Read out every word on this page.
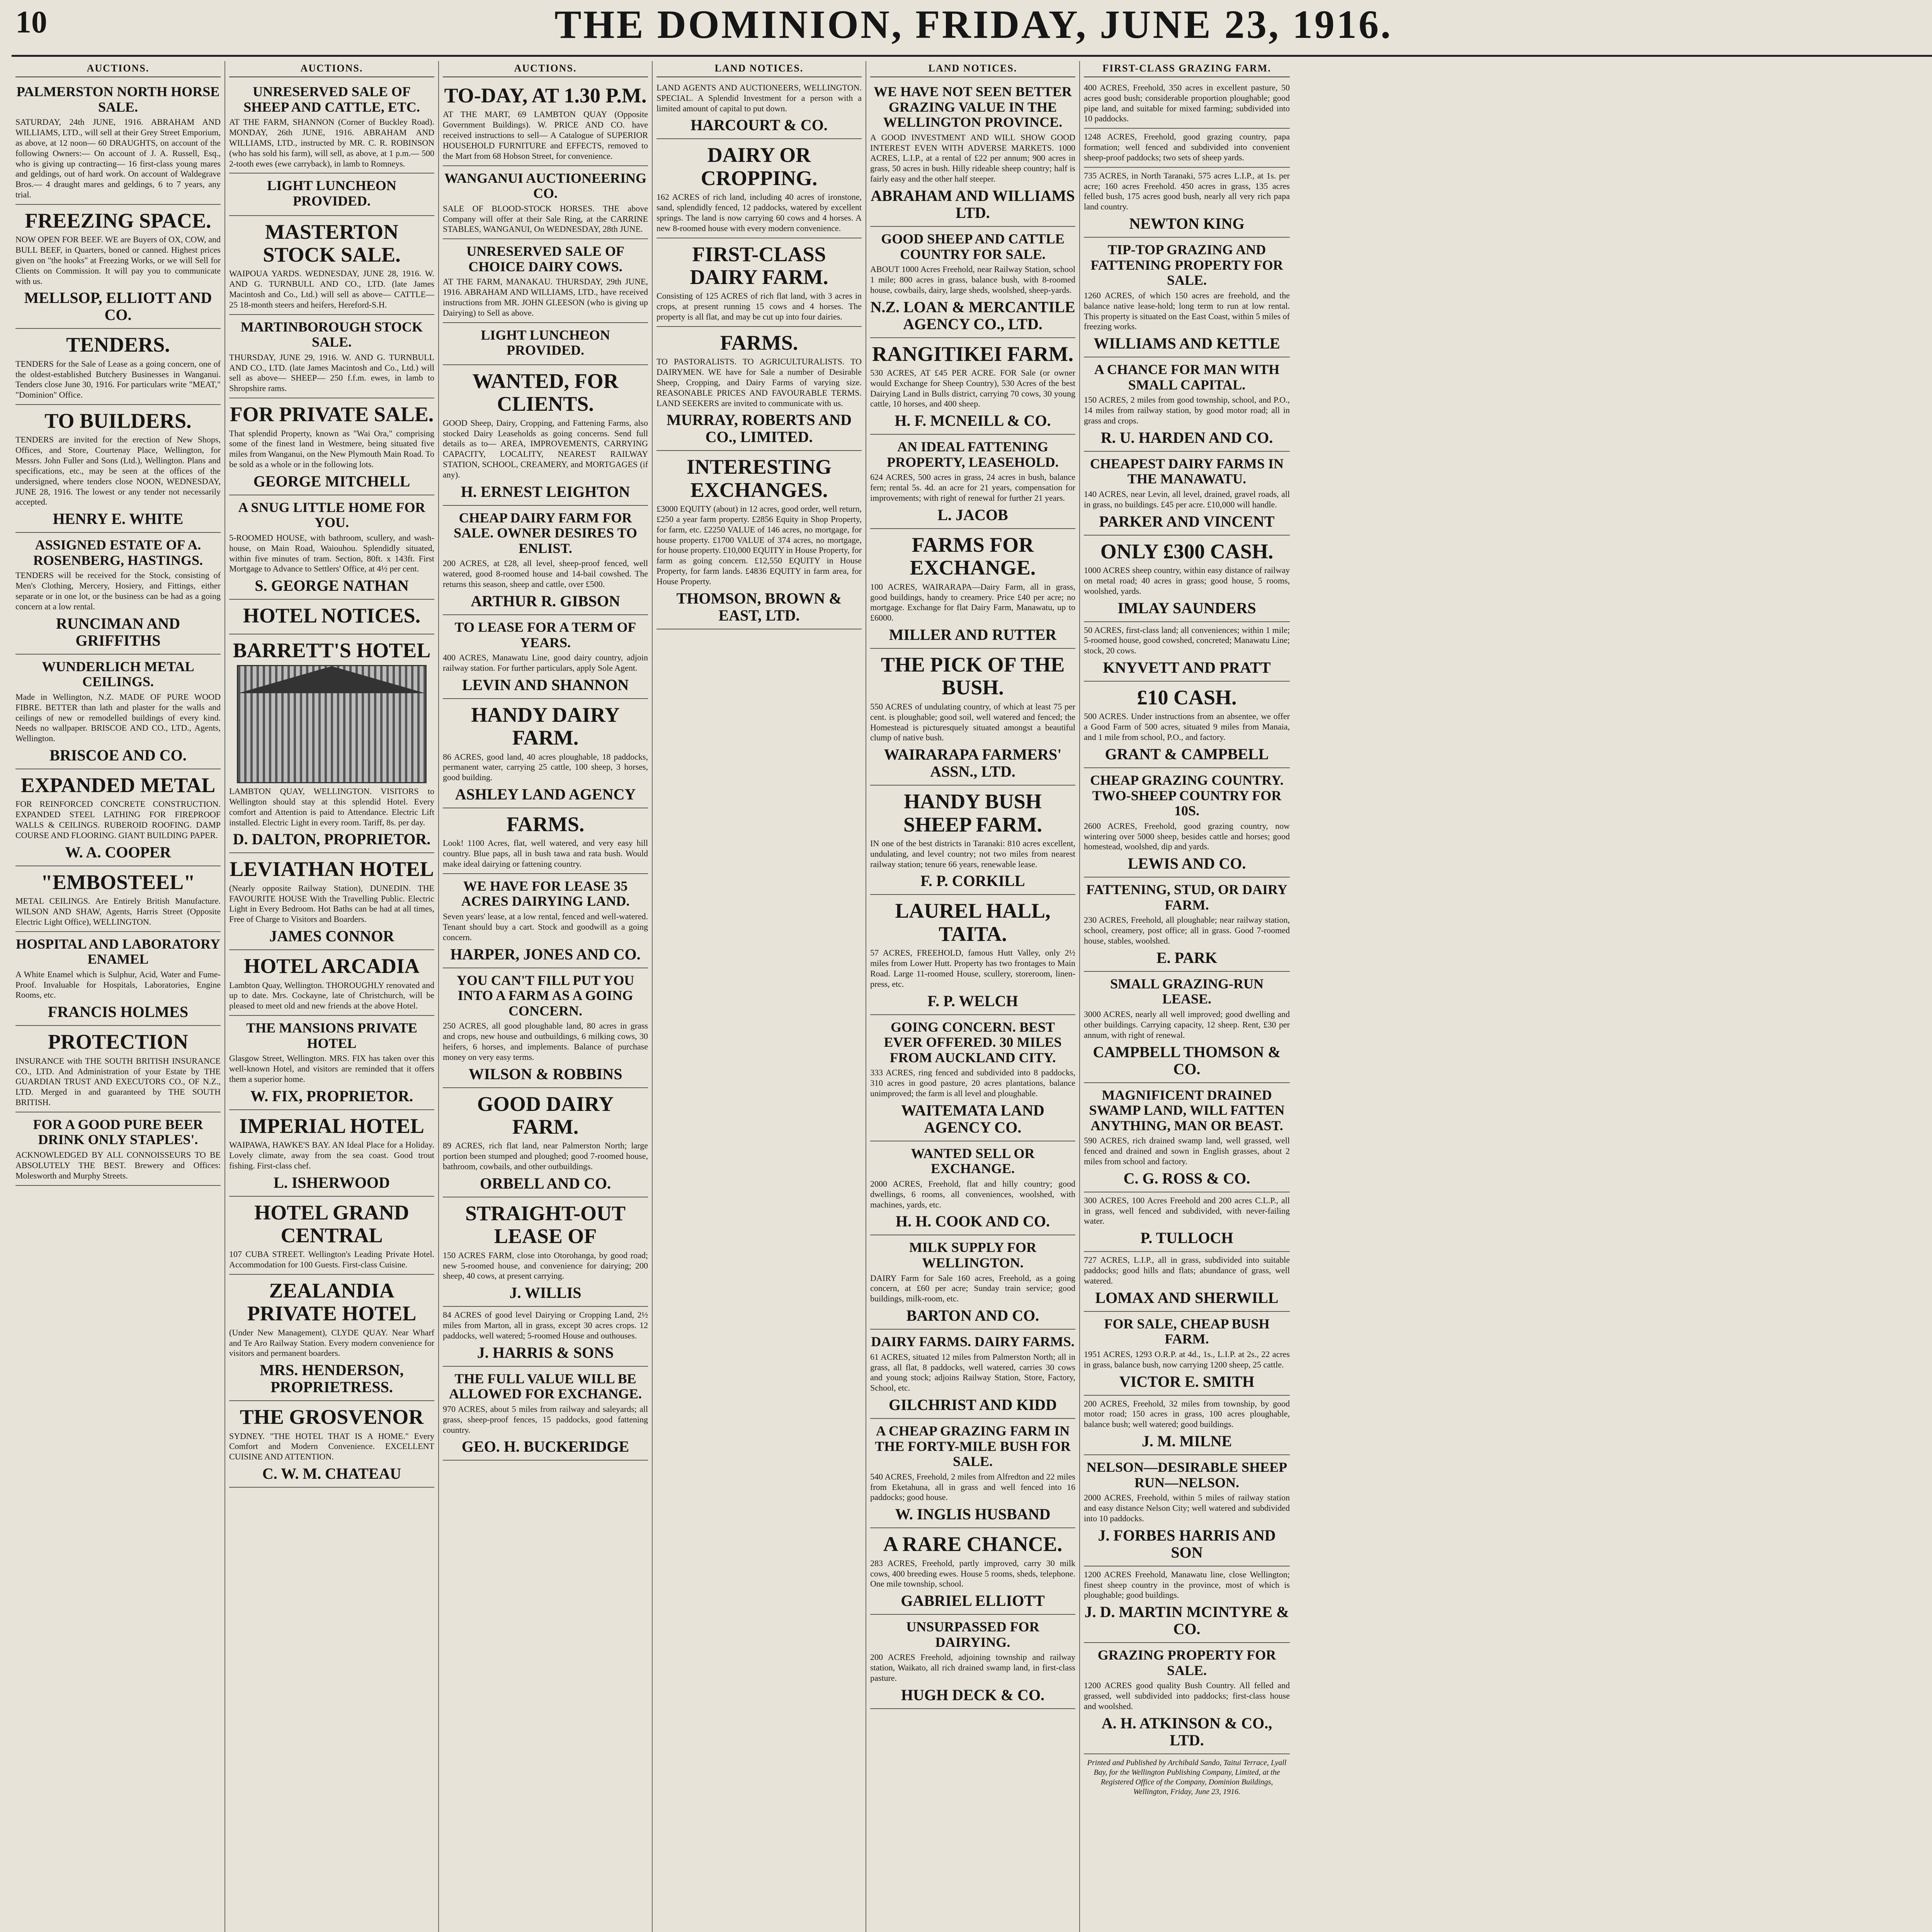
10	THE DOMINION, FRIDAY, JUNE 23, 1916.
AUCTIONS.
PALMERSTON NORTH HORSE SALE.
SATURDAY, 24th JUNE, 1916. ABRAHAM AND WILLIAMS, LTD., will sell at their Grey Street Emporium, as above, at 12 noon— 60 DRAUGHTS, on account of the following Owners:— On account of J. A. Russell, Esq., who is giving up contracting— 16 first-class young mares and geldings, out of hard work. On account of Waldegrave Bros.— 4 draught mares and geldings, 6 to 7 years, any trial.
FREEZING SPACE.
NOW OPEN FOR BEEF. WE are Buyers of OX, COW, and BULL BEEF, in Quarters, boned or canned. Highest prices given on "the hooks" at Freezing Works, or we will Sell for Clients on Commission. It will pay you to communicate with us.
MELLSOP, ELLIOTT AND CO.
TENDERS.
TENDERS for the Sale of Lease as a going concern, one of the oldest-established Butchery Businesses in Wanganui. Tenders close June 30, 1916. For particulars write "MEAT," "Dominion" Office.
TO BUILDERS.
TENDERS are invited for the erection of New Shops, Offices, and Store, Courtenay Place, Wellington, for Messrs. John Fuller and Sons (Ltd.), Wellington. Plans and specifications, etc., may be seen at the offices of the undersigned, where tenders close NOON, WEDNESDAY, JUNE 28, 1916. The lowest or any tender not necessarily accepted.
HENRY E. WHITE
ASSIGNED ESTATE OF A. ROSENBERG, HASTINGS.
TENDERS will be received for the Stock, consisting of Men's Clothing, Mercery, Hosiery, and Fittings, either separate or in one lot, or the business can be had as a going concern at a low rental.
RUNCIMAN AND GRIFFITHS
WUNDERLICH METAL CEILINGS.
Made in Wellington, N.Z. MADE OF PURE WOOD FIBRE. BETTER than lath and plaster for the walls and ceilings of new or remodelled buildings of every kind. Needs no wallpaper. BRISCOE AND CO., LTD., Agents, Wellington.
BRISCOE AND CO.
EXPANDED METAL
FOR REINFORCED CONCRETE CONSTRUCTION. EXPANDED STEEL LATHING FOR FIREPROOF WALLS & CEILINGS. RUBEROID ROOFING. DAMP COURSE AND FLOORING. GIANT BUILDING PAPER.
W. A. COOPER
"EMBOSTEEL"
METAL CEILINGS. Are Entirely British Manufacture. WILSON AND SHAW, Agents, Harris Street (Opposite Electric Light Office), WELLINGTON.
HOSPITAL AND LABORATORY ENAMEL
A White Enamel which is Sulphur, Acid, Water and Fume-Proof. Invaluable for Hospitals, Laboratories, Engine Rooms, etc.
FRANCIS HOLMES
PROTECTION
INSURANCE with THE SOUTH BRITISH INSURANCE CO., LTD. And Administration of your Estate by THE GUARDIAN TRUST AND EXECUTORS CO., OF N.Z., LTD. Merged in and guaranteed by THE SOUTH BRITISH.
FOR A GOOD PURE BEER DRINK ONLY STAPLES'.
ACKNOWLEDGED BY ALL CONNOISSEURS TO BE ABSOLUTELY THE BEST. Brewery and Offices: Molesworth and Murphy Streets.
AUCTIONS.
UNRESERVED SALE OF SHEEP AND CATTLE, ETC.
AT THE FARM, SHANNON (Corner of Buckley Road). MONDAY, 26th JUNE, 1916. ABRAHAM AND WILLIAMS, LTD., instructed by MR. C. R. ROBINSON (who has sold his farm), will sell, as above, at 1 p.m.— 500 2-tooth ewes (ewe carryback), in lamb to Romneys.
LIGHT LUNCHEON PROVIDED.
MASTERTON STOCK SALE.
WAIPOUA YARDS. WEDNESDAY, JUNE 28, 1916. W. AND G. TURNBULL AND CO., LTD. (late James Macintosh and Co., Ltd.) will sell as above— CATTLE— 25 18-month steers and heifers, Hereford-S.H.
MARTINBOROUGH STOCK SALE.
THURSDAY, JUNE 29, 1916. W. AND G. TURNBULL AND CO., LTD. (late James Macintosh and Co., Ltd.) will sell as above— SHEEP— 250 f.f.m. ewes, in lamb to Shropshire rams.
FOR PRIVATE SALE.
That splendid Property, known as "Wai Ora," comprising some of the finest land in Westmere, being situated five miles from Wanganui, on the New Plymouth Main Road. To be sold as a whole or in the following lots.
GEORGE MITCHELL
A SNUG LITTLE HOME FOR YOU.
5-ROOMED HOUSE, with bathroom, scullery, and wash-house, on Main Road, Waiouhou. Splendidly situated, within five minutes of tram. Section, 80ft. x 143ft. First Mortgage to Advance to Settlers' Office, at 4½ per cent.
S. GEORGE NATHAN
HOTEL NOTICES.
BARRETT'S HOTEL
LAMBTON QUAY, WELLINGTON. VISITORS to Wellington should stay at this splendid Hotel. Every comfort and Attention is paid to Attendance. Electric Lift installed. Electric Light in every room. Tariff, 8s. per day.
D. DALTON, PROPRIETOR.
LEVIATHAN HOTEL
(Nearly opposite Railway Station), DUNEDIN. THE FAVOURITE HOUSE With the Travelling Public. Electric Light in Every Bedroom. Hot Baths can be had at all times, Free of Charge to Visitors and Boarders.
JAMES CONNOR
HOTEL ARCADIA
Lambton Quay, Wellington. THOROUGHLY renovated and up to date. Mrs. Cockayne, late of Christchurch, will be pleased to meet old and new friends at the above Hotel.
THE MANSIONS PRIVATE HOTEL
Glasgow Street, Wellington. MRS. FIX has taken over this well-known Hotel, and visitors are reminded that it offers them a superior home.
W. FIX, PROPRIETOR.
IMPERIAL HOTEL
WAIPAWA, HAWKE'S BAY. AN Ideal Place for a Holiday. Lovely climate, away from the sea coast. Good trout fishing. First-class chef.
L. ISHERWOOD
HOTEL GRAND CENTRAL
107 CUBA STREET. Wellington's Leading Private Hotel. Accommodation for 100 Guests. First-class Cuisine.
ZEALANDIA PRIVATE HOTEL
(Under New Management), CLYDE QUAY. Near Wharf and Te Aro Railway Station. Every modern convenience for visitors and permanent boarders.
MRS. HENDERSON, PROPRIETRESS.
THE GROSVENOR
SYDNEY. "THE HOTEL THAT IS A HOME." Every Comfort and Modern Convenience. EXCELLENT CUISINE AND ATTENTION.
C. W. M. CHATEAU
AUCTIONS.
TO-DAY, AT 1.30 P.M.
AT THE MART, 69 LAMBTON QUAY (Opposite Government Buildings). W. PRICE AND CO. have received instructions to sell— A Catalogue of SUPERIOR HOUSEHOLD FURNITURE and EFFECTS, removed to the Mart from 68 Hobson Street, for convenience.
WANGANUI AUCTIONEERING CO.
SALE OF BLOOD-STOCK HORSES. THE above Company will offer at their Sale Ring, at the CARRINE STABLES, WANGANUI, On WEDNESDAY, 28th JUNE.
UNRESERVED SALE OF CHOICE DAIRY COWS.
AT THE FARM, MANAKAU. THURSDAY, 29th JUNE, 1916. ABRAHAM AND WILLIAMS, LTD., have received instructions from MR. JOHN GLEESON (who is giving up Dairying) to Sell as above.
LIGHT LUNCHEON PROVIDED.
WANTED, FOR CLIENTS.
GOOD Sheep, Dairy, Cropping, and Fattening Farms, also stocked Dairy Leaseholds as going concerns. Send full details as to— AREA, IMPROVEMENTS, CARRYING CAPACITY, LOCALITY, NEAREST RAILWAY STATION, SCHOOL, CREAMERY, and MORTGAGES (if any).
H. ERNEST LEIGHTON
CHEAP DAIRY FARM FOR SALE. OWNER DESIRES TO ENLIST.
200 ACRES, at £28, all level, sheep-proof fenced, well watered, good 8-roomed house and 14-bail cowshed. The returns this season, sheep and cattle, over £500.
ARTHUR R. GIBSON
TO LEASE FOR A TERM OF YEARS.
400 ACRES, Manawatu Line, good dairy country, adjoin railway station. For further particulars, apply Sole Agent.
LEVIN AND SHANNON
HANDY DAIRY FARM.
86 ACRES, good land, 40 acres ploughable, 18 paddocks, permanent water, carrying 25 cattle, 100 sheep, 3 horses, good building.
ASHLEY LAND AGENCY
FARMS.
Look! 1100 Acres, flat, well watered, and very easy hill country. Blue paps, all in bush tawa and rata bush. Would make ideal dairying or fattening country.
WE HAVE FOR LEASE 35 ACRES DAIRYING LAND.
Seven years' lease, at a low rental, fenced and well-watered. Tenant should buy a cart. Stock and goodwill as a going concern.
HARPER, JONES AND CO.
YOU CAN'T FILL PUT YOU INTO A FARM AS A GOING CONCERN.
250 ACRES, all good ploughable land, 80 acres in grass and crops, new house and outbuildings, 6 milking cows, 30 heifers, 6 horses, and implements. Balance of purchase money on very easy terms.
WILSON & ROBBINS
GOOD DAIRY FARM.
89 ACRES, rich flat land, near Palmerston North; large portion been stumped and ploughed; good 7-roomed house, bathroom, cowbails, and other outbuildings.
ORBELL AND CO.
STRAIGHT-OUT LEASE OF
150 ACRES FARM, close into Otorohanga, by good road; new 5-roomed house, and convenience for dairying; 200 sheep, 40 cows, at present carrying.
J. WILLIS
84 ACRES of good level Dairying or Cropping Land, 2½ miles from Marton, all in grass, except 30 acres crops. 12 paddocks, well watered; 5-roomed House and outhouses.
J. HARRIS & SONS
THE FULL VALUE WILL BE ALLOWED FOR EXCHANGE.
970 ACRES, about 5 miles from railway and saleyards; all grass, sheep-proof fences, 15 paddocks, good fattening country.
GEO. H. BUCKERIDGE
LAND NOTICES.
LAND AGENTS AND AUCTIONEERS, WELLINGTON. SPECIAL. A Splendid Investment for a person with a limited amount of capital to put down.
HARCOURT & CO.
DAIRY OR CROPPING.
162 ACRES of rich land, including 40 acres of ironstone, sand, splendidly fenced, 12 paddocks, watered by excellent springs. The land is now carrying 60 cows and 4 horses. A new 8-roomed house with every modern convenience.
FIRST-CLASS DAIRY FARM.
Consisting of 125 ACRES of rich flat land, with 3 acres in crops, at present running 15 cows and 4 horses. The property is all flat, and may be cut up into four dairies.
FARMS.
TO PASTORALISTS. TO AGRICULTURALISTS. TO DAIRYMEN. WE have for Sale a number of Desirable Sheep, Cropping, and Dairy Farms of varying size. REASONABLE PRICES AND FAVOURABLE TERMS. LAND SEEKERS are invited to communicate with us.
MURRAY, ROBERTS AND CO., LIMITED.
INTERESTING EXCHANGES.
£3000 EQUITY (about) in 12 acres, good order, well return, £250 a year farm property. £2856 Equity in Shop Property, for farm, etc. £2250 VALUE of 146 acres, no mortgage, for house property. £1700 VALUE of 374 acres, no mortgage, for house property. £10,000 EQUITY in House Property, for farm as going concern. £12,550 EQUITY in House Property, for farm lands. £4836 EQUITY in farm area, for House Property.
THOMSON, BROWN & EAST, LTD.
LAND NOTICES.
WE HAVE NOT SEEN BETTER GRAZING VALUE IN THE WELLINGTON PROVINCE.
A GOOD INVESTMENT AND WILL SHOW GOOD INTEREST EVEN WITH ADVERSE MARKETS. 1000 ACRES, L.I.P., at a rental of £22 per annum; 900 acres in grass, 50 acres in bush. Hilly rideable sheep country; half is fairly easy and the other half steeper.
ABRAHAM AND WILLIAMS LTD.
GOOD SHEEP AND CATTLE COUNTRY FOR SALE.
ABOUT 1000 Acres Freehold, near Railway Station, school 1 mile; 800 acres in grass, balance bush, with 8-roomed house, cowbails, dairy, large sheds, woolshed, sheep-yards.
N.Z. LOAN & MERCANTILE AGENCY CO., LTD.
RANGITIKEI FARM.
530 ACRES, AT £45 PER ACRE. FOR Sale (or owner would Exchange for Sheep Country), 530 Acres of the best Dairying Land in Bulls district, carrying 70 cows, 30 young cattle, 10 horses, and 400 sheep.
H. F. MCNEILL & CO.
AN IDEAL FATTENING PROPERTY, LEASEHOLD.
624 ACRES, 500 acres in grass, 24 acres in bush, balance fern; rental 5s. 4d. an acre for 21 years, compensation for improvements; with right of renewal for further 21 years.
L. JACOB
FARMS FOR EXCHANGE.
100 ACRES, WAIRARAPA—Dairy Farm, all in grass, good buildings, handy to creamery. Price £40 per acre; no mortgage. Exchange for flat Dairy Farm, Manawatu, up to £6000.
MILLER AND RUTTER
THE PICK OF THE BUSH.
550 ACRES of undulating country, of which at least 75 per cent. is ploughable; good soil, well watered and fenced; the Homestead is picturesquely situated amongst a beautiful clump of native bush.
WAIRARAPA FARMERS' ASSN., LTD.
HANDY BUSH SHEEP FARM.
IN one of the best districts in Taranaki: 810 acres excellent, undulating, and level country; not two miles from nearest railway station; tenure 66 years, renewable lease.
F. P. CORKILL
LAUREL HALL, TAITA.
57 ACRES, FREEHOLD, famous Hutt Valley, only 2½ miles from Lower Hutt. Property has two frontages to Main Road. Large 11-roomed House, scullery, storeroom, linen-press, etc.
F. P. WELCH
GOING CONCERN. BEST EVER OFFERED. 30 MILES FROM AUCKLAND CITY.
333 ACRES, ring fenced and subdivided into 8 paddocks, 310 acres in good pasture, 20 acres plantations, balance unimproved; the farm is all level and ploughable.
WAITEMATA LAND AGENCY CO.
WANTED SELL OR EXCHANGE.
2000 ACRES, Freehold, flat and hilly country; good dwellings, 6 rooms, all conveniences, woolshed, with machines, yards, etc.
H. H. COOK AND CO.
MILK SUPPLY FOR WELLINGTON.
DAIRY Farm for Sale 160 acres, Freehold, as a going concern, at £60 per acre; Sunday train service; good buildings, milk-room, etc.
BARTON AND CO.
DAIRY FARMS. DAIRY FARMS.
61 ACRES, situated 12 miles from Palmerston North; all in grass, all flat, 8 paddocks, well watered, carries 30 cows and young stock; adjoins Railway Station, Store, Factory, School, etc.
GILCHRIST AND KIDD
A CHEAP GRAZING FARM IN THE FORTY-MILE BUSH FOR SALE.
540 ACRES, Freehold, 2 miles from Alfredton and 22 miles from Eketahuna, all in grass and well fenced into 16 paddocks; good house.
W. INGLIS HUSBAND
A RARE CHANCE.
283 ACRES, Freehold, partly improved, carry 30 milk cows, 400 breeding ewes. House 5 rooms, sheds, telephone. One mile township, school.
GABRIEL ELLIOTT
UNSURPASSED FOR DAIRYING.
200 ACRES Freehold, adjoining township and railway station, Waikato, all rich drained swamp land, in first-class pasture.
HUGH DECK & CO.
FIRST-CLASS GRAZING FARM.
400 ACRES, Freehold, 350 acres in excellent pasture, 50 acres good bush; considerable proportion ploughable; good pipe land, and suitable for mixed farming; subdivided into 10 paddocks.
1248 ACRES, Freehold, good grazing country, papa formation; well fenced and subdivided into convenient sheep-proof paddocks; two sets of sheep yards.
735 ACRES, in North Taranaki, 575 acres L.I.P., at 1s. per acre; 160 acres Freehold. 450 acres in grass, 135 acres felled bush, 175 acres good bush, nearly all very rich papa land country.
NEWTON KING
TIP-TOP GRAZING AND FATTENING PROPERTY FOR SALE.
1260 ACRES, of which 150 acres are freehold, and the balance native lease-hold; long term to run at low rental. This property is situated on the East Coast, within 5 miles of freezing works.
WILLIAMS AND KETTLE
A CHANCE FOR MAN WITH SMALL CAPITAL.
150 ACRES, 2 miles from good township, school, and P.O., 14 miles from railway station, by good motor road; all in grass and crops.
R. U. HARDEN AND CO.
CHEAPEST DAIRY FARMS IN THE MANAWATU.
140 ACRES, near Levin, all level, drained, gravel roads, all in grass, no buildings. £45 per acre. £10,000 will handle.
PARKER AND VINCENT
ONLY £300 CASH.
1000 ACRES sheep country, within easy distance of railway on metal road; 40 acres in grass; good house, 5 rooms, woolshed, yards.
IMLAY SAUNDERS
50 ACRES, first-class land; all conveniences; within 1 mile; 5-roomed house, good cowshed, concreted; Manawatu Line; stock, 20 cows.
KNYVETT AND PRATT
£10 CASH.
500 ACRES. Under instructions from an absentee, we offer a Good Farm of 500 acres, situated 9 miles from Manaia, and 1 mile from school, P.O., and factory.
GRANT & CAMPBELL
CHEAP GRAZING COUNTRY. TWO-SHEEP COUNTRY FOR 10S.
2600 ACRES, Freehold, good grazing country, now wintering over 5000 sheep, besides cattle and horses; good homestead, woolshed, dip and yards.
LEWIS AND CO.
FATTENING, STUD, OR DAIRY FARM.
230 ACRES, Freehold, all ploughable; near railway station, school, creamery, post office; all in grass. Good 7-roomed house, stables, woolshed.
E. PARK
SMALL GRAZING-RUN LEASE.
3000 ACRES, nearly all well improved; good dwelling and other buildings. Carrying capacity, 12 sheep. Rent, £30 per annum, with right of renewal.
CAMPBELL THOMSON & CO.
MAGNIFICENT DRAINED SWAMP LAND, WILL FATTEN ANYTHING, MAN OR BEAST.
590 ACRES, rich drained swamp land, well grassed, well fenced and drained and sown in English grasses, about 2 miles from school and factory.
C. G. ROSS & CO.
300 ACRES, 100 Acres Freehold and 200 acres C.L.P., all in grass, well fenced and subdivided, with never-failing water.
P. TULLOCH
727 ACRES, L.I.P., all in grass, subdivided into suitable paddocks; good hills and flats; abundance of grass, well watered.
LOMAX AND SHERWILL
FOR SALE, CHEAP BUSH FARM.
1951 ACRES, 1293 O.R.P. at 4d., 1s., L.I.P. at 2s., 22 acres in grass, balance bush, now carrying 1200 sheep, 25 cattle.
VICTOR E. SMITH
200 ACRES, Freehold, 32 miles from township, by good motor road; 150 acres in grass, 100 acres ploughable, balance bush; well watered; good buildings.
J. M. MILNE
NELSON—DESIRABLE SHEEP RUN—NELSON.
2000 ACRES, Freehold, within 5 miles of railway station and easy distance Nelson City; well watered and subdivided into 10 paddocks.
J. FORBES HARRIS AND SON
1200 ACRES Freehold, Manawatu line, close Wellington; finest sheep country in the province, most of which is ploughable; good buildings.
J. D. MARTIN MCINTYRE & CO.
GRAZING PROPERTY FOR SALE.
1200 ACRES good quality Bush Country. All felled and grassed, well subdivided into paddocks; first-class house and woolshed.
A. H. ATKINSON & CO., LTD.
Printed and Published by Archibald Sando, Taitui Terrace, Lyall Bay, for the Wellington Publishing Company, Limited, at the Registered Office of the Company, Dominion Buildings, Wellington, Friday, June 23, 1916.
